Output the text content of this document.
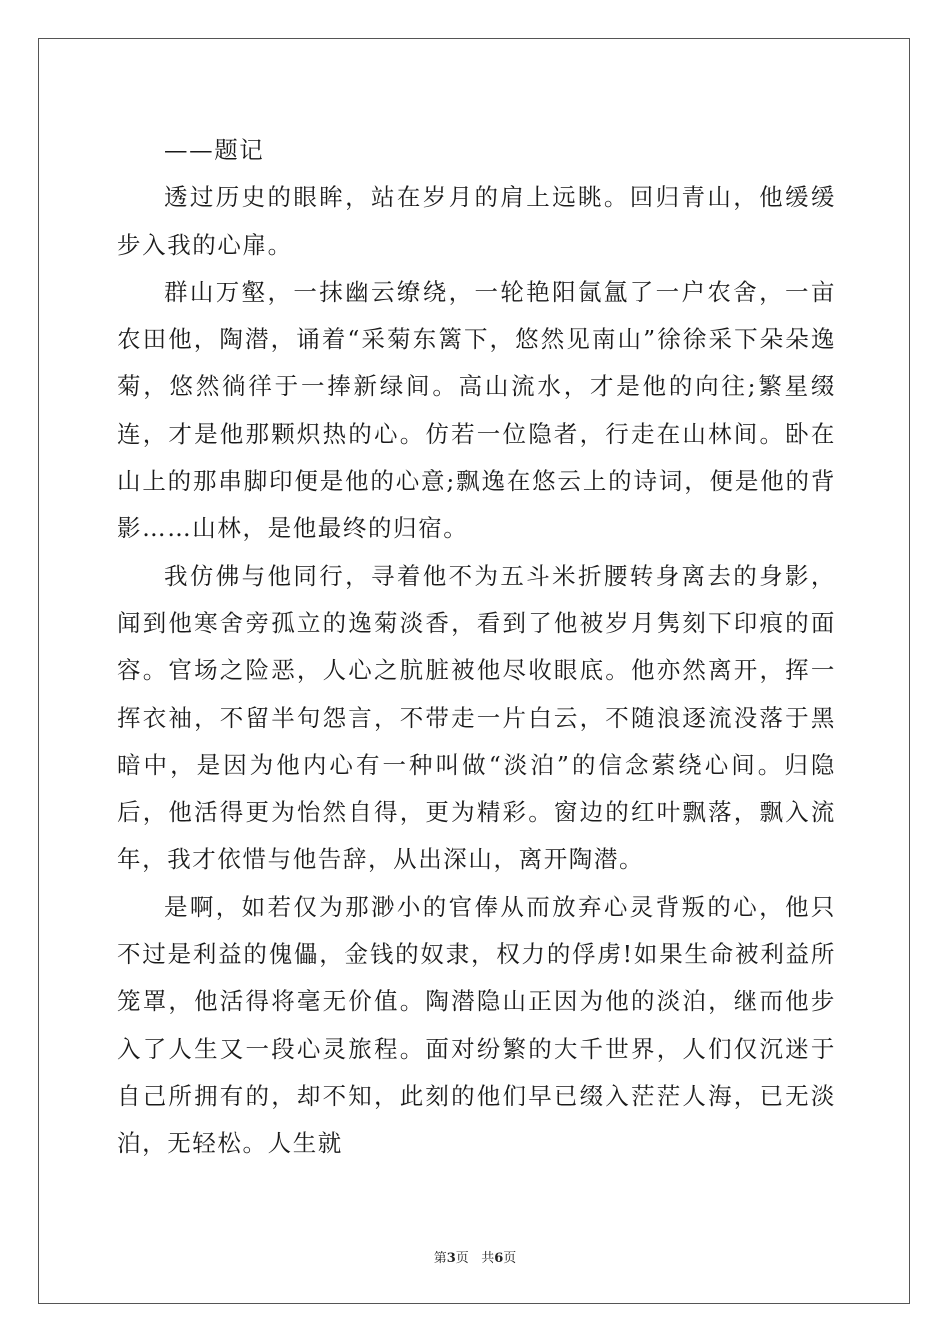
——题记

透过历史的眼眸，站在岁月的肩上远眺。回归青山，他缓缓步入我的心扉。

群山万壑，一抹幽云缭绕，一轮艳阳氤氲了一户农舍，一亩农田他，陶潜，诵着“采菊东篱下，悠然见南山”徐徐采下朵朵逸菊，悠然徜徉于一捧新绿间。高山流水，才是他的向往;繁星缀连，才是他那颗炽热的心。仿若一位隐者，行走在山林间。卧在山上的那串脚印便是他的心意;飘逸在悠云上的诗词，便是他的背影……山林，是他最终的归宿。

我仿佛与他同行，寻着他不为五斗米折腰转身离去的身影，闻到他寒舍旁孤立的逸菊淡香，看到了他被岁月隽刻下印痕的面容。官场之险恶，人心之肮脏被他尽收眼底。他亦然离开，挥一挥衣袖，不留半句怨言，不带走一片白云，不随浪逐流没落于黑暗中，是因为他内心有一种叫做“淡泊”的信念萦绕心间。归隐后，他活得更为怡然自得，更为精彩。窗边的红叶飘落，飘入流年，我才依惜与他告辞，从出深山，离开陶潜。

是啊，如若仅为那渺小的官俸从而放弃心灵背叛的心，他只不过是利益的傀儡，金钱的奴隶，权力的俘虏!如果生命被利益所笼罩，他活得将毫无价值。陶潜隐山正因为他的淡泊，继而他步入了人生又一段心灵旅程。面对纷繁的大千世界，人们仅沉迷于自己所拥有的，却不知，此刻的他们早已缀入茫茫人海，已无淡泊，无轻松。人生就

第3页 共6页
